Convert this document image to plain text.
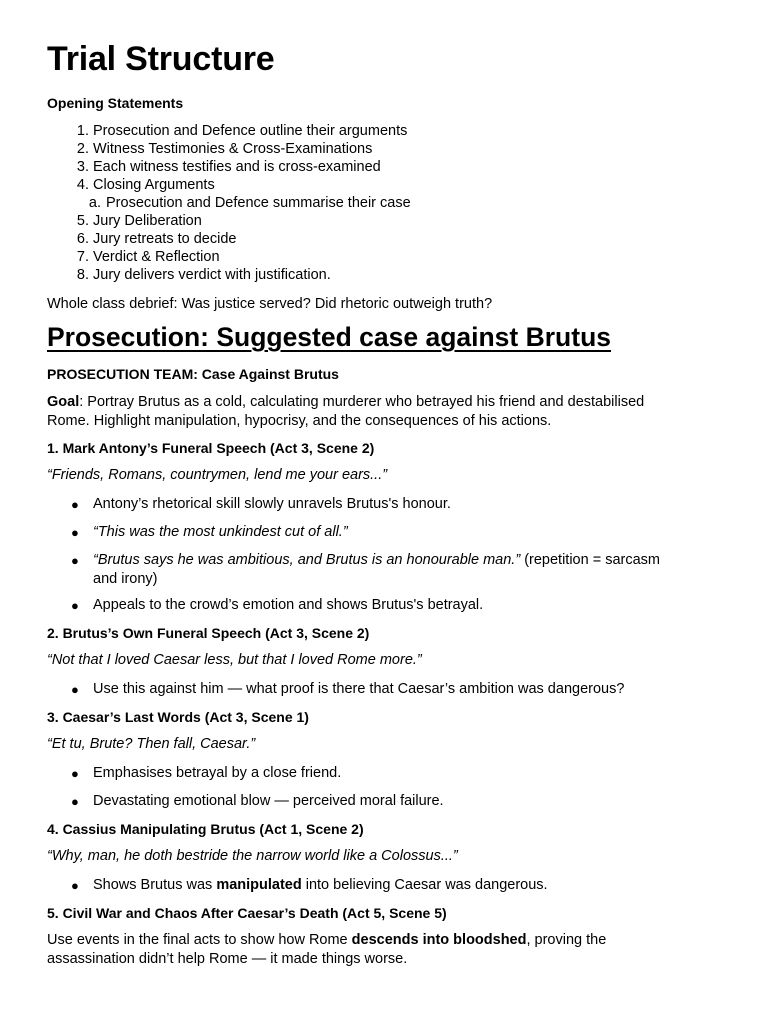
Trial Structure
Opening Statements
1. Prosecution and Defence outline their arguments
2. Witness Testimonies & Cross-Examinations
3. Each witness testifies and is cross-examined
4. Closing Arguments
a. Prosecution and Defence summarise their case
5. Jury Deliberation
6. Jury retreats to decide
7. Verdict & Reflection
8. Jury delivers verdict with justification.
Whole class debrief: Was justice served? Did rhetoric outweigh truth?
Prosecution: Suggested case against Brutus
PROSECUTION TEAM: Case Against Brutus
Goal: Portray Brutus as a cold, calculating murderer who betrayed his friend and destabilised
Rome. Highlight manipulation, hypocrisy, and the consequences of his actions.
1. Mark Antony’s Funeral Speech (Act 3, Scene 2)
“Friends, Romans, countrymen, lend me your ears...”
● Antony’s rhetorical skill slowly unravels Brutus's honour.
● “This was the most unkindest cut of all.”
● “Brutus says he was ambitious, and Brutus is an honourable man.” (repetition = sarcasm
and irony)
● Appeals to the crowd’s emotion and shows Brutus's betrayal.
2. Brutus’s Own Funeral Speech (Act 3, Scene 2)
“Not that I loved Caesar less, but that I loved Rome more.”
● Use this against him — what proof is there that Caesar’s ambition was dangerous?
3. Caesar’s Last Words (Act 3, Scene 1)
“Et tu, Brute? Then fall, Caesar.”
● Emphasises betrayal by a close friend.
● Devastating emotional blow — perceived moral failure.
4. Cassius Manipulating Brutus (Act 1, Scene 2)
“Why, man, he doth bestride the narrow world like a Colossus...”
● Shows Brutus was manipulated into believing Caesar was dangerous.
5. Civil War and Chaos After Caesar’s Death (Act 5, Scene 5)
Use events in the final acts to show how Rome descends into bloodshed, proving the
assassination didn’t help Rome — it made things worse.
